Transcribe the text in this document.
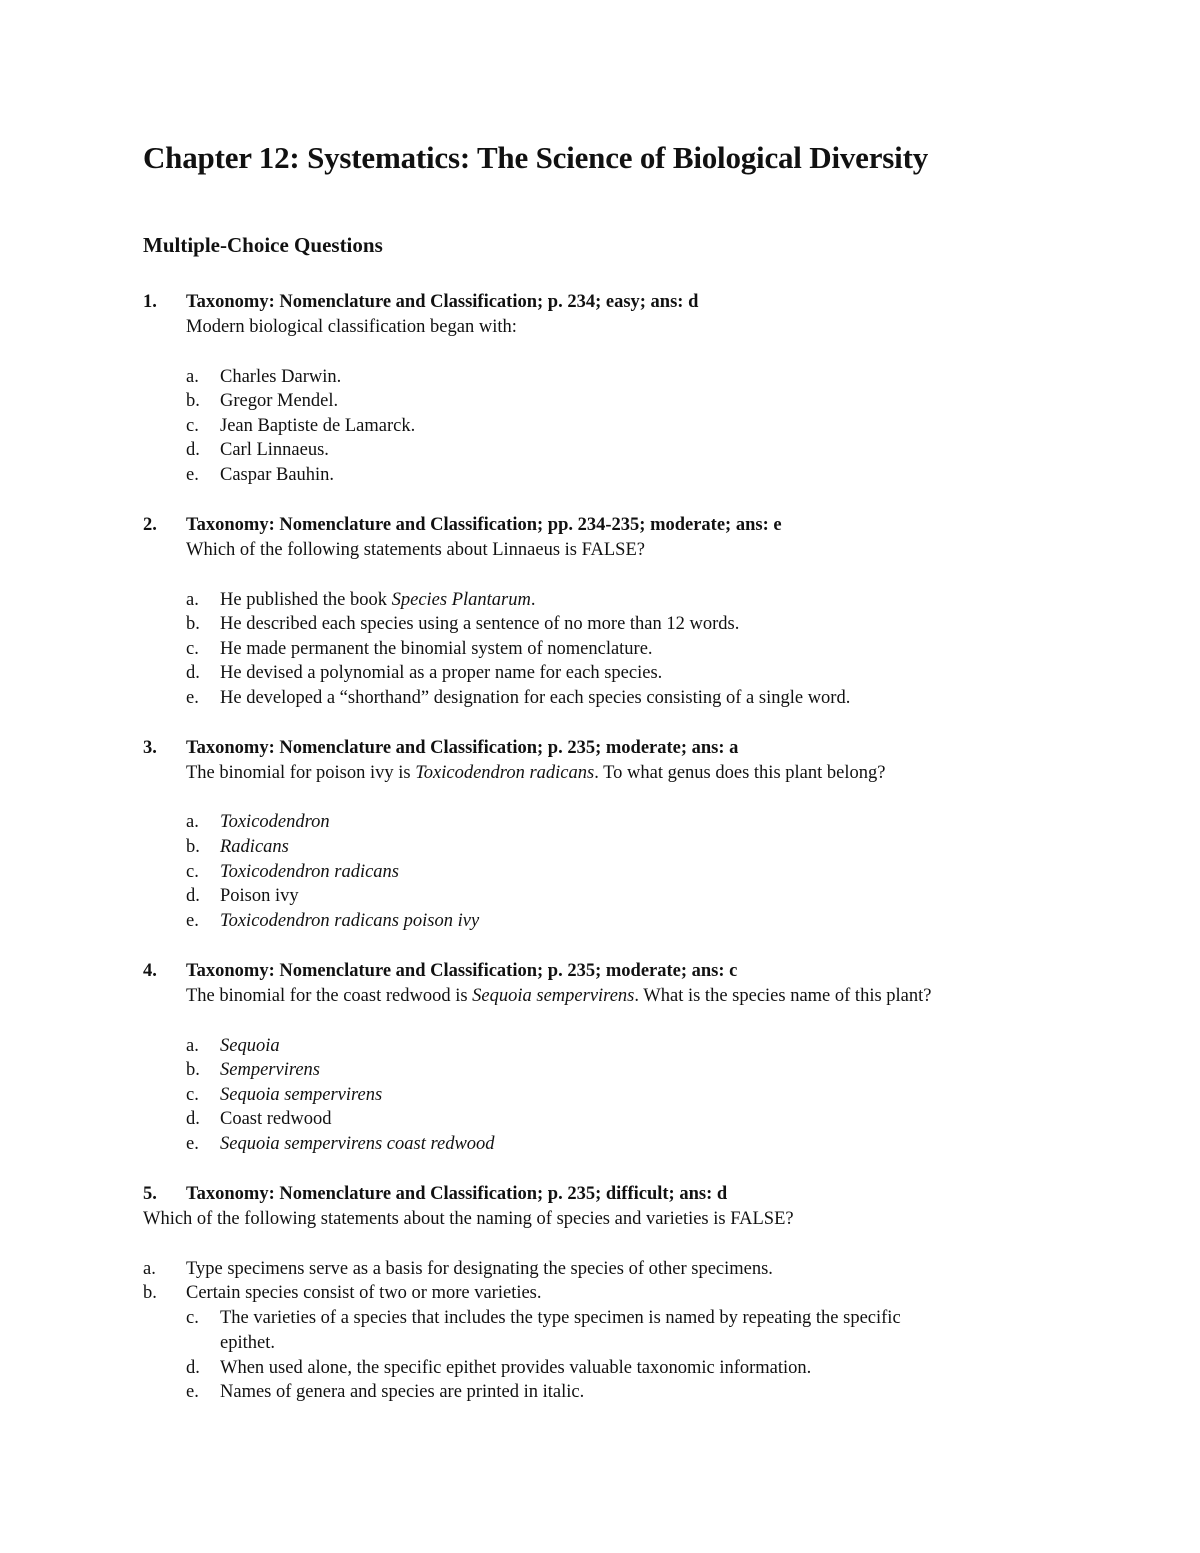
Chapter 12: Systematics: The Science of Biological Diversity
Multiple-Choice Questions
1. Taxonomy: Nomenclature and Classification; p. 234; easy; ans: d
Modern biological classification began with:
a. Charles Darwin.
b. Gregor Mendel.
c. Jean Baptiste de Lamarck.
d. Carl Linnaeus.
e. Caspar Bauhin.
2. Taxonomy: Nomenclature and Classification; pp. 234-235; moderate; ans: e
Which of the following statements about Linnaeus is FALSE?
a. He published the book Species Plantarum.
b. He described each species using a sentence of no more than 12 words.
c. He made permanent the binomial system of nomenclature.
d. He devised a polynomial as a proper name for each species.
e. He developed a “shorthand” designation for each species consisting of a single word.
3. Taxonomy: Nomenclature and Classification; p. 235; moderate; ans: a
The binomial for poison ivy is Toxicodendron radicans. To what genus does this plant belong?
a. Toxicodendron
b. Radicans
c. Toxicodendron radicans
d. Poison ivy
e. Toxicodendron radicans poison ivy
4. Taxonomy: Nomenclature and Classification; p. 235; moderate; ans: c
The binomial for the coast redwood is Sequoia sempervirens. What is the species name of this plant?
a. Sequoia
b. Sempervirens
c. Sequoia sempervirens
d. Coast redwood
e. Sequoia sempervirens coast redwood
5. Taxonomy: Nomenclature and Classification; p. 235; difficult; ans: d
Which of the following statements about the naming of species and varieties is FALSE?
a. Type specimens serve as a basis for designating the species of other specimens.
b. Certain species consist of two or more varieties.
c. The varieties of a species that includes the type specimen is named by repeating the specific
epithet.
d. When used alone, the specific epithet provides valuable taxonomic information.
e. Names of genera and species are printed in italic.
